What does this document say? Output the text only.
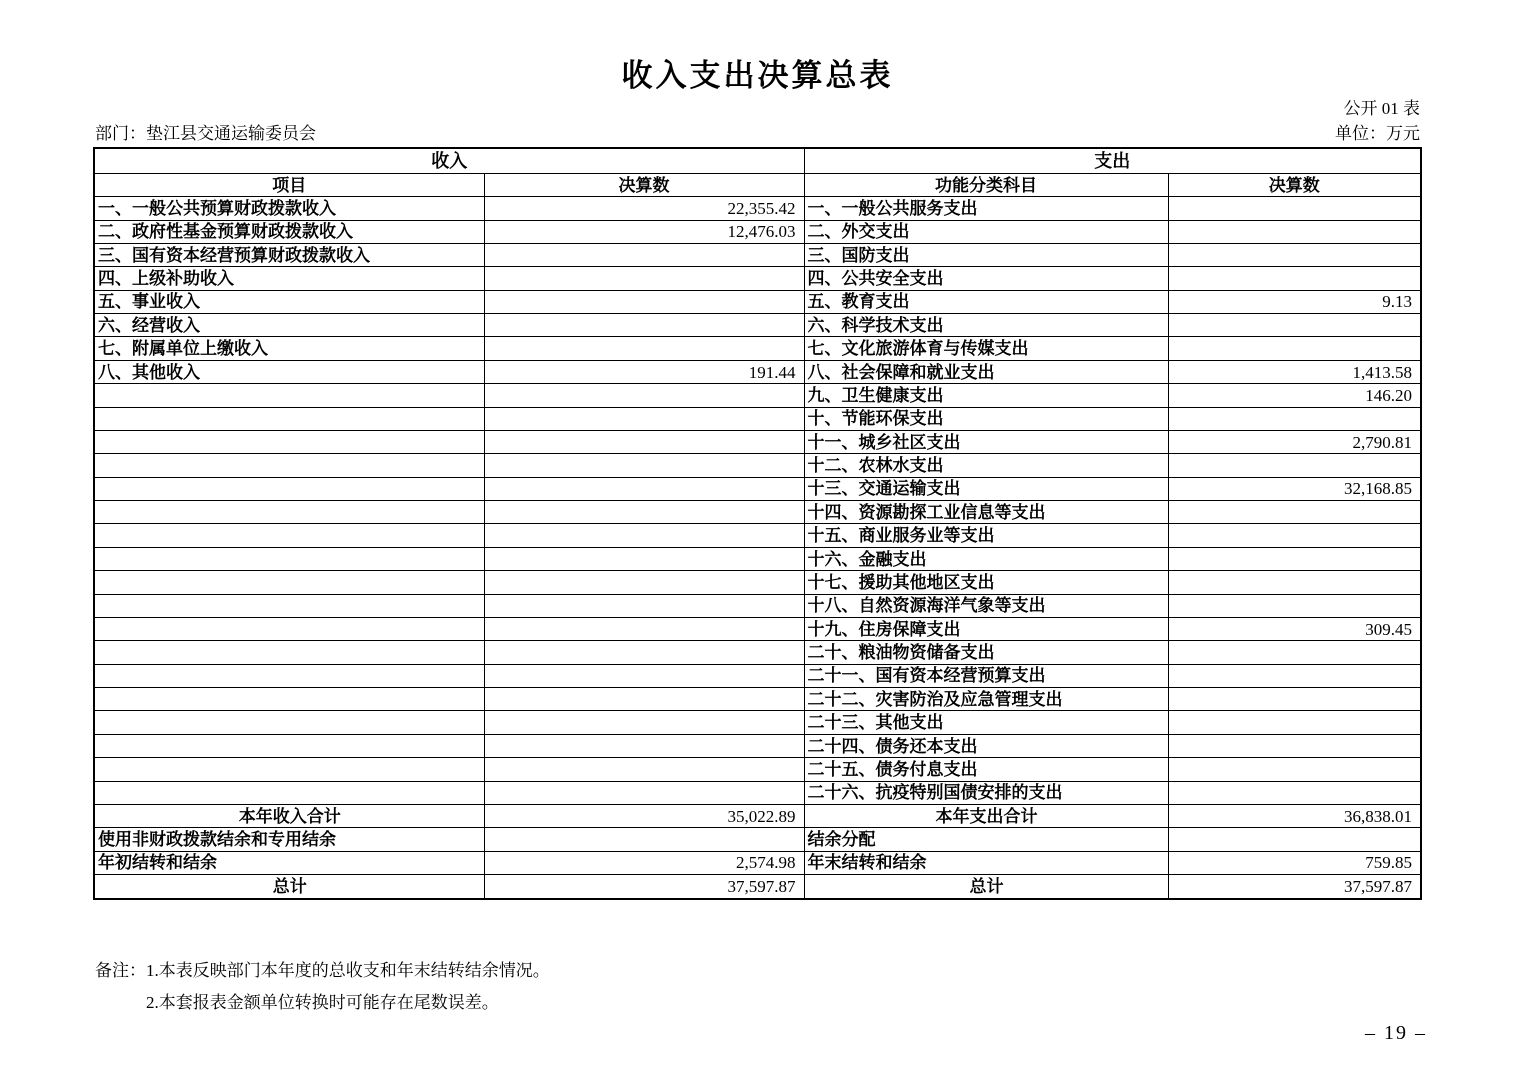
收入支出决算总表
公开 01 表
部门：垫江县交通运输委员会	单位：万元
收入		支出	
项目	决算数	功能分类科目	决算数
一、一般公共预算财政拨款收入	22,355.42	一、一般公共服务支出	
二、政府性基金预算财政拨款收入	12,476.03	二、外交支出	
三、国有资本经营预算财政拨款收入		三、国防支出	
四、上级补助收入		四、公共安全支出	
五、事业收入		五、教育支出	9.13
六、经营收入		六、科学技术支出	
七、附属单位上缴收入		七、文化旅游体育与传媒支出	
八、其他收入	191.44	八、社会保障和就业支出	1,413.58
		九、卫生健康支出	146.20
		十、节能环保支出	
		十一、城乡社区支出	2,790.81
		十二、农林水支出	
		十三、交通运输支出	32,168.85
		十四、资源勘探工业信息等支出	
		十五、商业服务业等支出	
		十六、金融支出	
		十七、援助其他地区支出	
		十八、自然资源海洋气象等支出	
		十九、住房保障支出	309.45
		二十、粮油物资储备支出	
		二十一、国有资本经营预算支出	
		二十二、灾害防治及应急管理支出	
		二十三、其他支出	
		二十四、债务还本支出	
		二十五、债务付息支出	
		二十六、抗疫特别国债安排的支出	
本年收入合计	35,022.89	本年支出合计	36,838.01
使用非财政拨款结余和专用结余		结余分配	
年初结转和结余	2,574.98	年末结转和结余	759.85
总计	37,597.87	总计	37,597.87
备注： 1.本表反映部门本年度的总收支和年末结转结余情况。
2.本套报表金额单位转换时可能存在尾数误差。
– 19 –
